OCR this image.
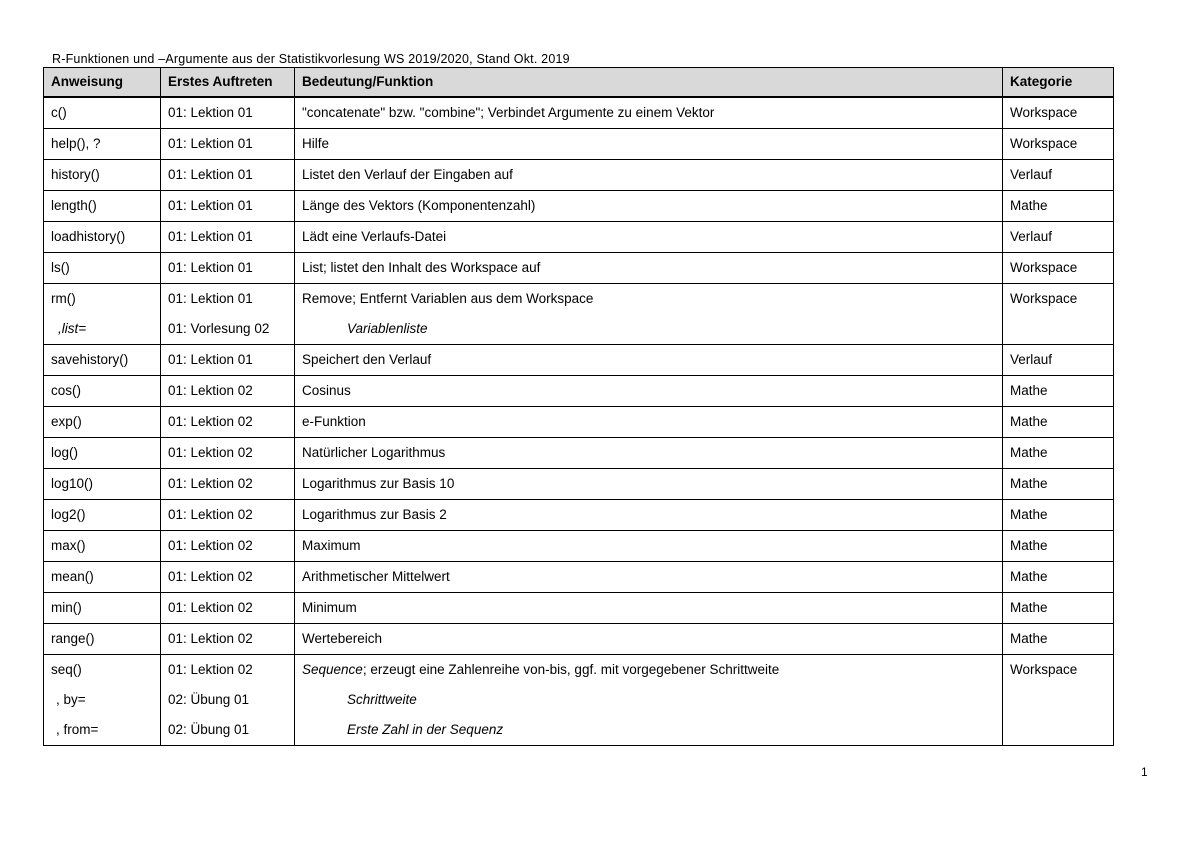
R-Funktionen und –Argumente aus der Statistikvorlesung WS 2019/2020, Stand Okt. 2019
Anweisung	Erstes Auftreten	Bedeutung/Funktion	Kategorie
c()	01: Lektion 01	"concatenate" bzw. "combine"; Verbindet Argumente zu einem Vektor	Workspace
help(), ?	01: Lektion 01	Hilfe	Workspace
history()	01: Lektion 01	Listet den Verlauf der Eingaben auf	Verlauf
length()	01: Lektion 01	Länge des Vektors (Komponentenzahl)	Mathe
loadhistory()	01: Lektion 01	Lädt eine Verlaufs-Datei	Verlauf
ls()	01: Lektion 01	List; listet den Inhalt des Workspace auf	Workspace
rm()	01: Lektion 01	Remove; Entfernt Variablen aus dem Workspace	Workspace
,list=	01: Vorlesung 02	Variablenliste	
savehistory()	01: Lektion 01	Speichert den Verlauf	Verlauf
cos()	01: Lektion 02	Cosinus	Mathe
exp()	01: Lektion 02	e-Funktion	Mathe
log()	01: Lektion 02	Natürlicher Logarithmus	Mathe
log10()	01: Lektion 02	Logarithmus zur Basis 10	Mathe
log2()	01: Lektion 02	Logarithmus zur Basis 2	Mathe
max()	01: Lektion 02	Maximum	Mathe
mean()	01: Lektion 02	Arithmetischer Mittelwert	Mathe
min()	01: Lektion 02	Minimum	Mathe
range()	01: Lektion 02	Wertebereich	Mathe
seq()	01: Lektion 02	Sequence; erzeugt eine Zahlenreihe von-bis, ggf. mit vorgegebener Schrittweite	Workspace
, by=	02: Übung 01	Schrittweite	
, from=	02: Übung 01	Erste Zahl in der Sequenz	
1
